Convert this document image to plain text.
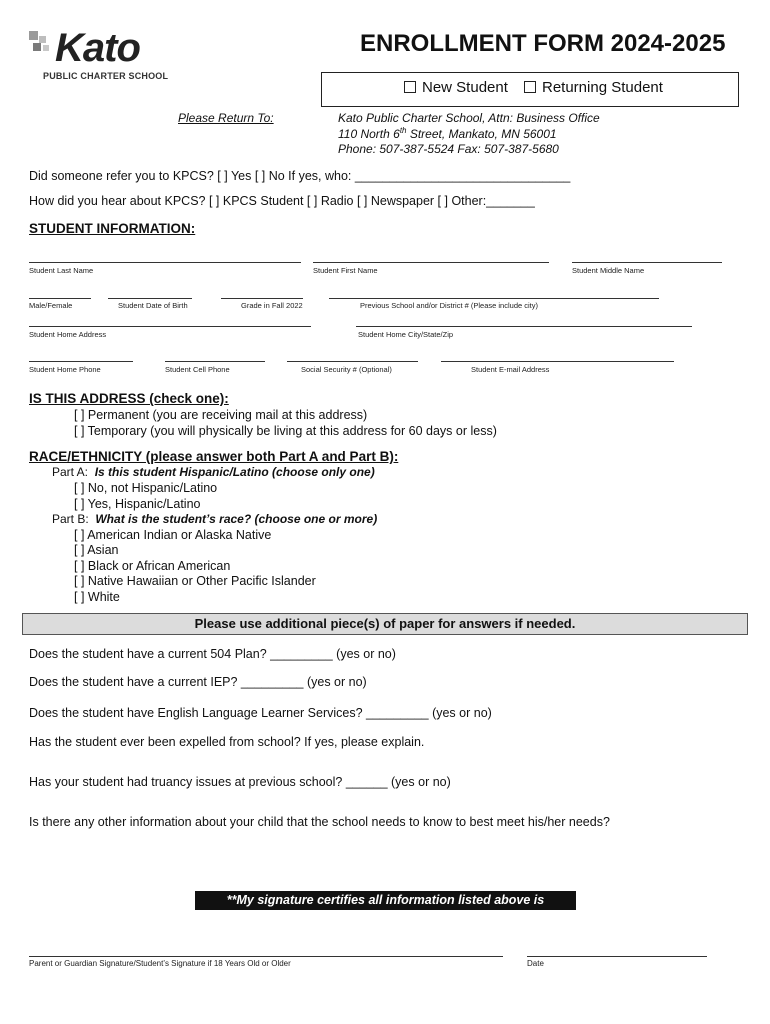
Kato
PUBLIC CHARTER SCHOOL
ENROLLMENT FORM 2024-2025
New Student	Returning Student
Please Return To:	Kato Public Charter School, Attn: Business Office
110 North 6th Street, Mankato, MN 56001
Phone: 507-387-5524 Fax: 507-387-5680
Did someone refer you to KPCS? [ ] Yes [ ] No If yes, who: _______________________________
How did you hear about KPCS? [ ] KPCS Student [ ] Radio [ ] Newspaper [ ] Other:_______
STUDENT INFORMATION:
Student Last Name	Student First Name	Student Middle Name
Male/Female	Student Date of Birth	Grade in Fall 2022	Previous School and/or District # (Please include city)
Student Home Address	Student Home City/State/Zip
Student Home Phone	Student Cell Phone	Social Security # (Optional)	Student E-mail Address
IS THIS ADDRESS (check one):
[ ] Permanent (you are receiving mail at this address)
[ ] Temporary (you will physically be living at this address for 60 days or less)
RACE/ETHNICITY (please answer both Part A and Part B):
Part A: Is this student Hispanic/Latino (choose only one)
[ ] No, not Hispanic/Latino
[ ] Yes, Hispanic/Latino
Part B: What is the student’s race? (choose one or more)
[ ] American Indian or Alaska Native
[ ] Asian
[ ] Black or African American
[ ] Native Hawaiian or Other Pacific Islander
[ ] White
Please use additional piece(s) of paper for answers if needed.
Does the student have a current 504 Plan? _________ (yes or no)
Does the student have a current IEP? _________ (yes or no)
Does the student have English Language Learner Services? _________ (yes or no)
Has the student ever been expelled from school? If yes, please explain.
Has your student had truancy issues at previous school? ______ (yes or no)
Is there any other information about your child that the school needs to know to best meet his/her needs?
**My signature certifies all information listed above is accurate.**
Parent or Guardian Signature/Student’s Signature if 18 Years Old or Older	Date
